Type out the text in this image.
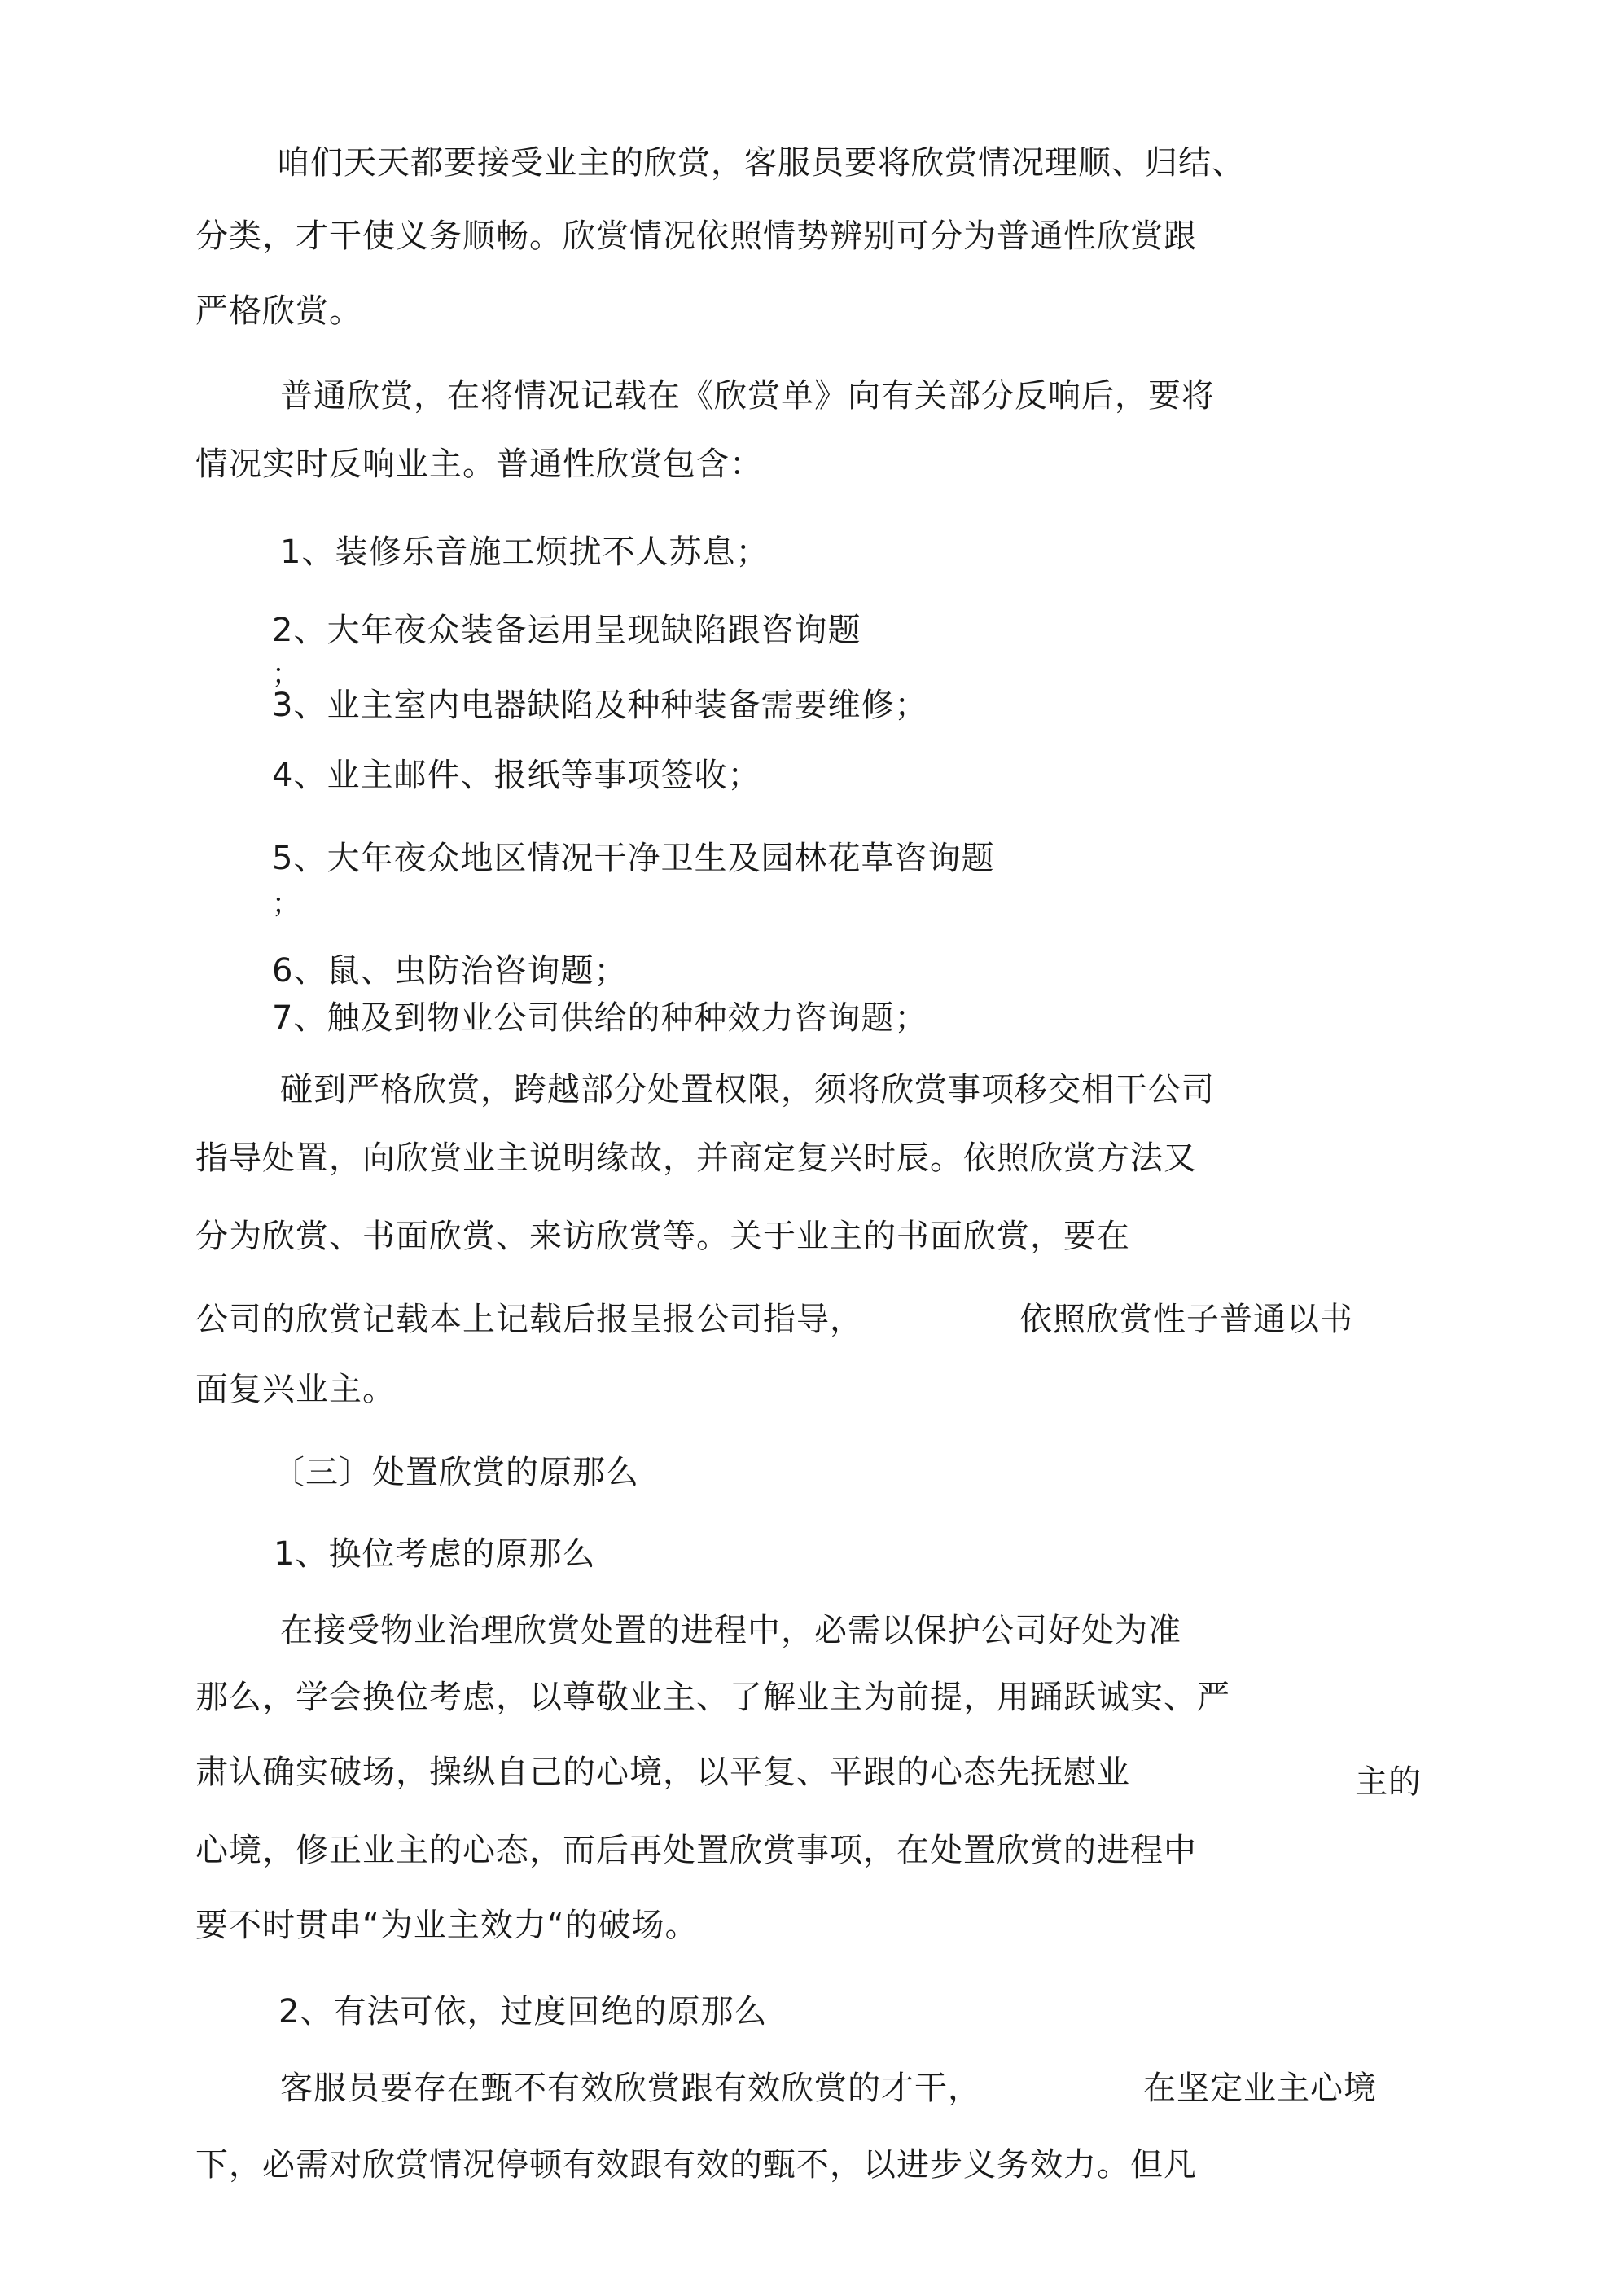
咱们天天都要接受业主的欣赏，客服员要将欣赏情况理顺、归结、
分类，才干使义务顺畅。欣赏情况依照情势辨别可分为普通性欣赏跟
严格欣赏。
普通欣赏，在将情况记载在《欣赏单》向有关部分反响后，要将
情况实时反响业主。普通性欣赏包含：
1、装修乐音施工烦扰不人苏息；
2、大年夜众装备运用呈现缺陷跟咨询题
；
3、业主室内电器缺陷及种种装备需要维修；
4、业主邮件、报纸等事项签收；
5、大年夜众地区情况干净卫生及园林花草咨询题
；
6、鼠、虫防治咨询题；
7、触及到物业公司供给的种种效力咨询题；
碰到严格欣赏，跨越部分处置权限，须将欣赏事项移交相干公司
指导处置，向欣赏业主说明缘故，并商定复兴时辰。依照欣赏方法又
分为欣赏、书面欣赏、来访欣赏等。关于业主的书面欣赏，要在
公司的欣赏记载本上记载后报呈报公司指导，	依照欣赏性子普通以书
面复兴业主。
〔三〕处置欣赏的原那么
1、换位考虑的原那么
在接受物业治理欣赏处置的进程中，必需以保护公司好处为准
那么，学会换位考虑，以尊敬业主、了解业主为前提，用踊跃诚实、严
肃认确实破场，操纵自己的心境，以平复、平跟的心态先抚慰业	主的
心境，修正业主的心态，而后再处置欣赏事项，在处置欣赏的进程中
要不时贯串“为业主效力“的破场。
2、有法可依，过度回绝的原那么
客服员要存在甄不有效欣赏跟有效欣赏的才干，	在坚定业主心境
下，必需对欣赏情况停顿有效跟有效的甄不，以进步义务效力。但凡
